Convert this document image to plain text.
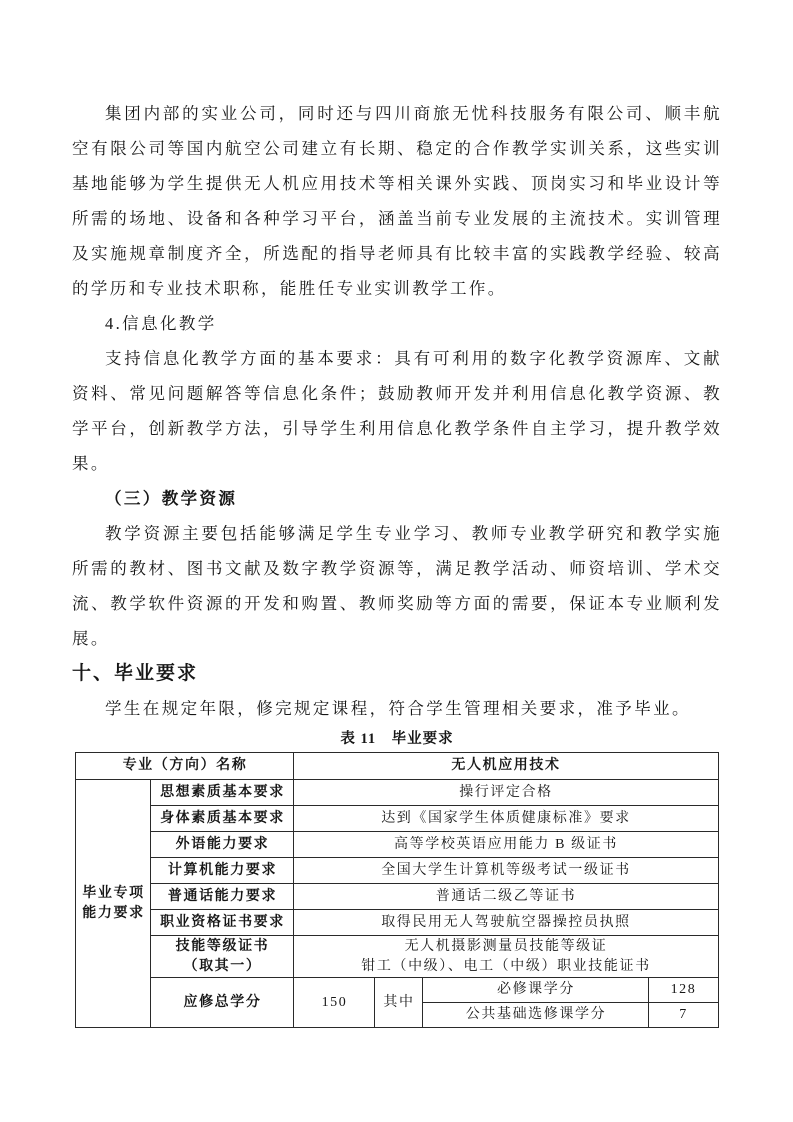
集团内部的实业公司，同时还与四川商旅无忧科技服务有限公司、顺丰航空有限公司等国内航空公司建立有长期、稳定的合作教学实训关系，这些实训基地能够为学生提供无人机应用技术等相关课外实践、顶岗实习和毕业设计等所需的场地、设备和各种学习平台，涵盖当前专业发展的主流技术。实训管理及实施规章制度齐全，所选配的指导老师具有比较丰富的实践教学经验、较高的学历和专业技术职称，能胜任专业实训教学工作。

4.信息化教学

支持信息化教学方面的基本要求：具有可利用的数字化教学资源库、文献资料、常见问题解答等信息化条件；鼓励教师开发并利用信息化教学资源、教学平台，创新教学方法，引导学生利用信息化教学条件自主学习，提升教学效果。

（三）教学资源

教学资源主要包括能够满足学生专业学习、教师专业教学研究和教学实施所需的教材、图书文献及数字教学资源等，满足教学活动、师资培训、学术交流、教学软件资源的开发和购置、教师奖励等方面的需要，保证本专业顺利发展。

十、毕业要求

学生在规定年限，修完规定课程，符合学生管理相关要求，准予毕业。

表 11　毕业要求
专业（方向）名称		无人机应用技术			

毕业专项
能力要求	思想素质基本要求	操行评定合格			
	身体素质基本要求	达到《国家学生体质健康标准》要求			
	外语能力要求	高等学校英语应用能力 B 级证书			
	计算机能力要求	全国大学生计算机等级考试一级证书			
	普通话能力要求	普通话二级乙等证书			
	职业资格证书要求	取得民用无人驾驶航空器操控员执照			

	技能等级证书
（取其一）	无人机摄影测量员技能等级证
钳工（中级）、电工（中级）职业技能证书			

	应修总学分	150	其中	必修课学分	128
				公共基础选修课学分	7
